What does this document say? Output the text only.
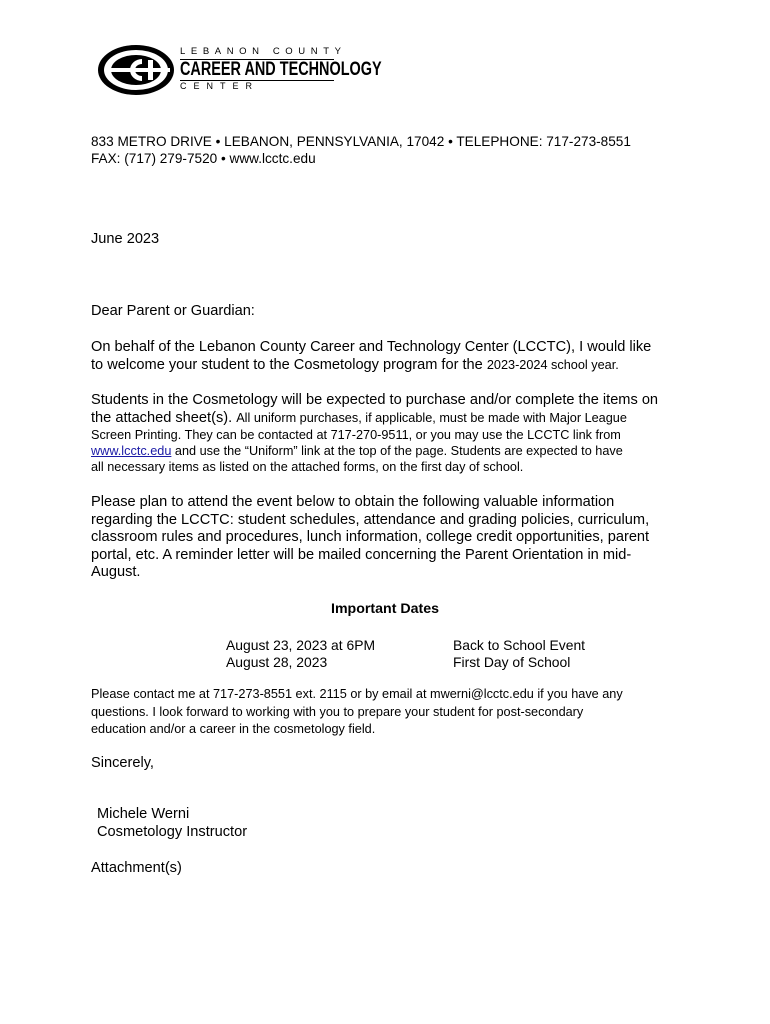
LEBANON COUNTY
CAREER AND TECHNOLOGY
CENTER
833 METRO DRIVE • LEBANON, PENNSYLVANIA, 17042 • TELEPHONE: 717-273-8551
FAX: (717) 279-7520 • www.lcctc.edu
June 2023
Dear Parent or Guardian:
On behalf of the Lebanon County Career and Technology Center (LCCTC), I would like
to welcome your student to the Cosmetology program for the 2023-2024 school year.
Students in the Cosmetology will be expected to purchase and/or complete the items on
the attached sheet(s). All uniform purchases, if applicable, must be made with Major League
Screen Printing. They can be contacted at 717-270-9511, or you may use the LCCTC link from
www.lcctc.edu and use the “Uniform” link at the top of the page. Students are expected to have
all necessary items as listed on the attached forms, on the first day of school.
Please plan to attend the event below to obtain the following valuable information
regarding the LCCTC: student schedules, attendance and grading policies, curriculum,
classroom rules and procedures, lunch information, college credit opportunities, parent
portal, etc. A reminder letter will be mailed concerning the Parent Orientation in mid-
August.
Important Dates
August 23, 2023 at 6PM
August 28, 2023
Back to School Event
First Day of School
Please contact me at 717-273-8551 ext. 2115 or by email at mwerni@lcctc.edu if you have any
questions. I look forward to working with you to prepare your student for post-secondary
education and/or a career in the cosmetology field.
Sincerely,
Michele Werni
Cosmetology Instructor
Attachment(s)
